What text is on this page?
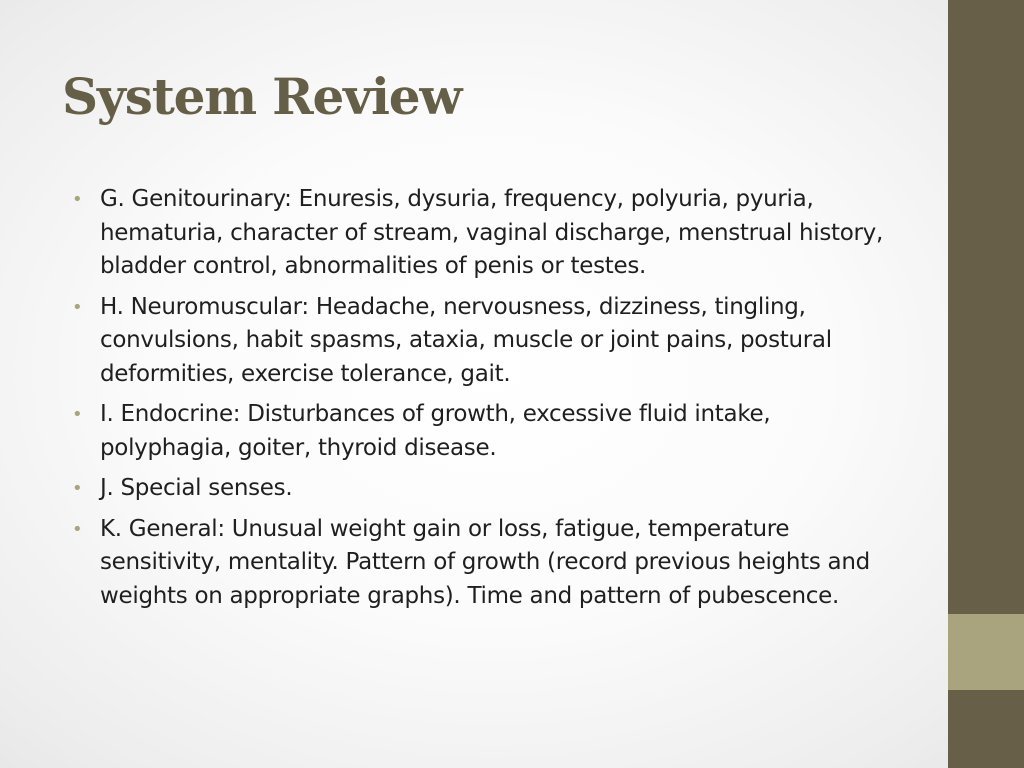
System Review
• G. Genitourinary: Enuresis, dysuria, frequency, polyuria, pyuria, hematuria, character of stream, vaginal discharge, menstrual history, bladder control, abnormalities of penis or testes.
• H. Neuromuscular: Headache, nervousness, dizziness, tingling, convulsions, habit spasms, ataxia, muscle or joint pains, postural deformities, exercise tolerance, gait.
• I. Endocrine: Disturbances of growth, excessive fluid intake, polyphagia, goiter, thyroid disease.
• J. Special senses.
• K. General: Unusual weight gain or loss, fatigue, temperature sensitivity, mentality. Pattern of growth (record previous heights and weights on appropriate graphs). Time and pattern of pubescence.
